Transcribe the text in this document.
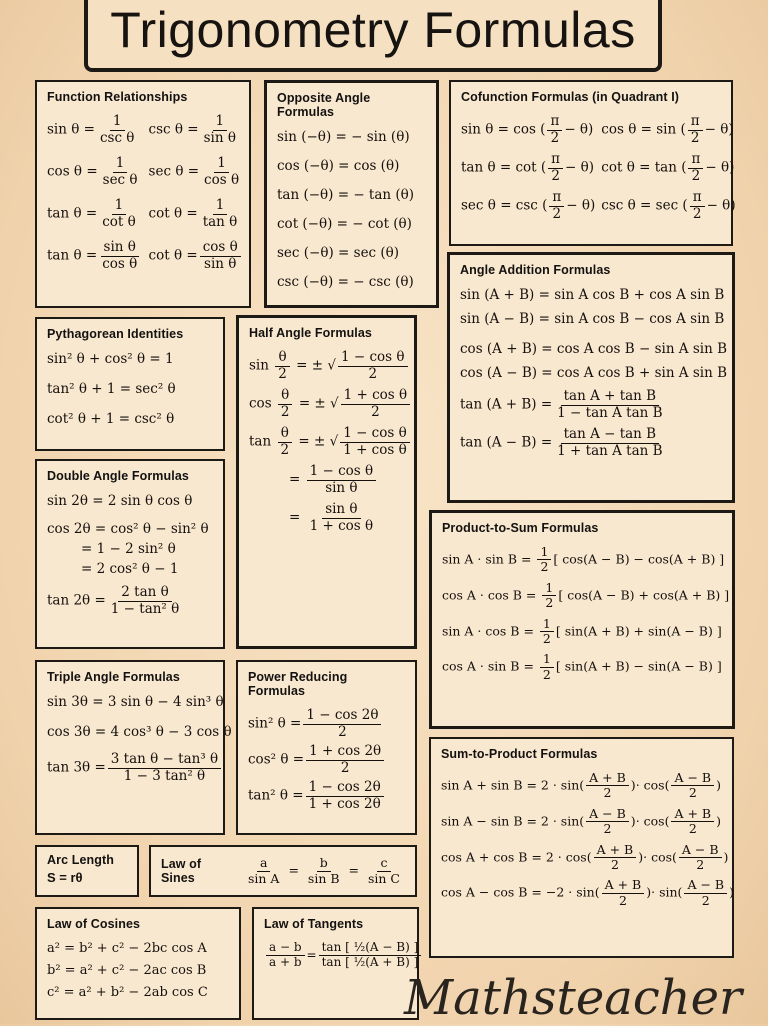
Trigonometry Formulas
Function Relationships
$\sin \theta = \frac{1}{\text{csc θ}}$ $\csc \theta = \frac{1}{\text{sin θ}}$
$\cos \theta = \frac{1}{\text{sec θ}}$ $\sec \theta = \frac{1}{\text{cos θ}}$
$\tan \theta = \frac{1}{\text{cot θ}}$ $\cot \theta = \frac{1}{\text{tan θ}}$
$\tan \theta = \frac{\text{sin θ}}{\text{cos θ}}$ $\cot \theta = \frac{\text{cos θ}}{\text{sin θ}}$
Opposite Angle Formulas
sin (−θ) = − sin (θ)
cos (−θ) = cos (θ)
tan (−θ) = − tan (θ)
cot (−θ) = − cot (θ)
sec (−θ) = sec (θ)
csc (−θ) = − csc (θ)
Cofunction Formulas (in Quadrant I)
sin θ = cos ( $\frac{\pi}{2} - \theta$) cos θ = sin ( $\frac{\pi}{2} - \theta$)
tan θ = cot ( $\frac{\pi}{2} - \theta$) cot θ = tan ( $\frac{\pi}{2} - \theta$)
sec θ = csc ( $\frac{\pi}{2} - \theta$) csc θ = sec ( $\frac{\pi}{2} - \theta$)
Angle Addition Formulas
sin (A + B) = sin A cos B + cos A sin B
sin (A − B) = sin A cos B − cos A sin B
cos (A + B) = cos A cos B − sin A sin B
cos (A − B) = cos A cos B + sin A sin B
$\tan (A + B) = \frac{\text{tan A + tan B}}{\text{1 − tan A tan B}}$
$\tan (A - B) = \frac{\text{tan A − tan B}}{\text{1 + tan A tan B}}$
Pythagorean Identities
sin² θ + cos² θ = 1
tan² θ + 1 = sec² θ
cot² θ + 1 = csc² θ
Half Angle Formulas
$\sin \frac{\theta}{2}$ = ± √ $\frac{\text{1 − cos θ}}{2}$
$\cos \frac{\theta}{2}$ = ± √ $\frac{\text{1 + cos θ}}{2}$
$\tan \frac{\theta}{2}$ = ± √ $\frac{\text{1 − cos θ}}{\text{1 + cos θ}}$
= $\frac{\text{1 − cos θ}}{\text{sin θ}}$
= $\frac{\text{sin θ}}{\text{1 + cos θ}}$
Double Angle Formulas
sin 2θ = 2 sin θ cos θ
cos 2θ = cos² θ − sin² θ
= 1 − 2 sin² θ
= 2 cos² θ − 1
$\tan 2\theta = \frac{\text{2 tan θ}}{\text{1 − tan² θ}}$
Product-to-Sum Formulas
$\sin A \cdot \sin B = \frac{1}{2}$ [ cos(A − B) − cos(A + B) ]
$\cos A \cdot \cos B = \frac{1}{2}$ [ cos(A − B) + cos(A + B) ]
$\sin A \cdot \cos B = \frac{1}{2}$ [ sin(A + B) + sin(A − B) ]
$\cos A \cdot \sin B = \frac{1}{2}$ [ sin(A + B) − sin(A − B) ]
Triple Angle Formulas
sin 3θ = 3 sin θ − 4 sin³ θ
cos 3θ = 4 cos³ θ − 3 cos θ
$\tan 3\theta = \frac{\text{3 tan θ − tan³ θ}}{\text{1 − 3 tan² θ}}$
Power Reducing Formulas
sin² $\theta = \frac{1 - \cos 2\theta}{2}$
cos² $\theta = \frac{1 + \cos 2\theta}{2}$
tan² $\theta = \frac{1 - \cos 2\theta}{1 + \cos 2\theta}$
Sum-to-Product Formulas
$\sin A + \sin B = 2 \cdot \sin( \frac{A + B}{2}$ )· $\cos( \frac{A - B}{2}$ )
$\sin A - \sin B = 2 \cdot \sin( \frac{A - B}{2}$ )· $\cos( \frac{A + B}{2}$ )
$\cos A + \cos B = 2 \cdot \cos( \frac{A + B}{2}$ )· $\cos( \frac{A - B}{2}$ )
$\cos A - \cos B = -2 \cdot \sin( \frac{A + B}{2}$ )· $\sin( \frac{A - B}{2}$ )
Arc Length
S = rθ
Law of Sines	$\frac{a}{\text{sin A}} = \frac{b}{\text{sin B}} = \frac{c}{\text{sin C}}$
Law of Cosines
a² = b² + c² − 2bc cos A
b² = a² + c² − 2ac cos B
c² = a² + b² − 2ab cos C
Law of Tangents
$\frac{a - b}{a + b} = \frac{\text{tan [ ½(A − B) ]}}{\text{tan [ ½(A + B) ]}}$
Mathsteacher
